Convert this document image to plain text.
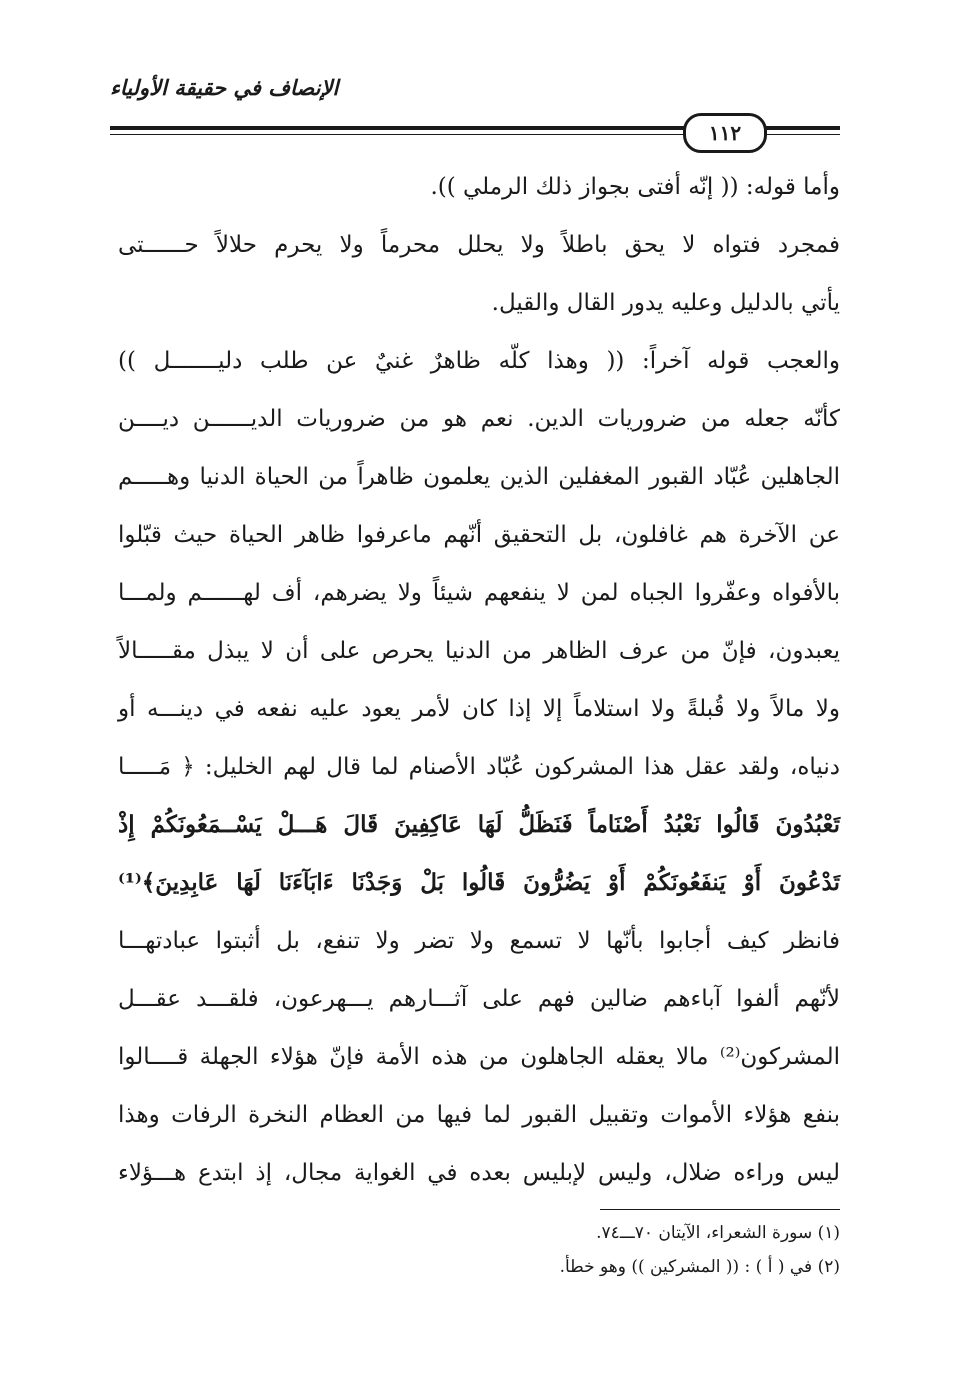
الإنصاف في حقيقة الأولياء
١١٢
وأما قوله: (( إنّه أفتى بجواز ذلك الرملي )).
فمجرد فتواه لا يحق باطلاً ولا يحلل محرماً ولا يحرم حلالاً حــــــتى
يأتي بالدليل وعليه يدور القال والقيل.
والعجب قوله آخراً: (( وهذا كلّه ظاهرٌ غنيٌ عن طلب دليـــــــل ))
كأنّه جعله من ضروريات الدين. نعم هو من ضروريات الديــــــن ديــــن
الجاهلين عُبّاد القبور المغفلين الذين يعلمون ظاهراً من الحياة الدنيا وهـــــم
عن الآخرة هم غافلون، بل التحقيق أنّهم ماعرفوا ظاهر الحياة حيث قبّلوا
بالأفواه وعفّروا الجباه لمن لا ينفعهم شيئاً ولا يضرهم، أف لهــــــم ولمـــا
يعبدون، فإنّ من عرف الظاهر من الدنيا يحرص على أن لا يبذل مقـــــالاً
ولا مالاً ولا قُبلةً ولا استلاماً إلا إذا كان لأمر يعود عليه نفعه في دينـــه أو
دنياه، ولقد عقل هذا المشركون عُبّاد الأصنام لما قال لهم الخليل: ﴿ مَـــــا
تَعْبُدُونَ قَالُوا نَعْبُدُ أَصْنَاماً فَنَظَلُّ لَهَا عَاكِفِينَ قَالَ هَـــلْ يَسْــمَعُونَكُمْ إِذْ
تَدْعُونَ أَوْ يَنفَعُونَكُمْ أَوْ يَضُرُّونَ قَالُوا بَلْ وَجَدْنَا ءَابَآءَنَا لَهَا عَابِدِينَ﴾⁽¹⁾
فانظر كيف أجابوا بأنّها لا تسمع ولا تضر ولا تنفع، بل أثبتوا عبادتهـــا
لأنّهم ألفوا آباءهم ضالين فهم على آثـــارهم يـــهرعون، فلقـــد عقـــل
المشركون⁽²⁾ مالا يعقله الجاهلون من هذه الأمة فإنّ هؤلاء الجهلة قــــالوا
بنفع هؤلاء الأموات وتقبيل القبور لما فيها من العظام النخرة الرفات وهذا
ليس وراءه ضلال، وليس لإبليس بعده في الغواية مجال، إذ ابتدع هـــؤلاء
(١) سورة الشعراء، الآيتان ٧٠ـــ٧٤.
(٢) في ( أ ) : (( المشركين )) وهو خطأ.
